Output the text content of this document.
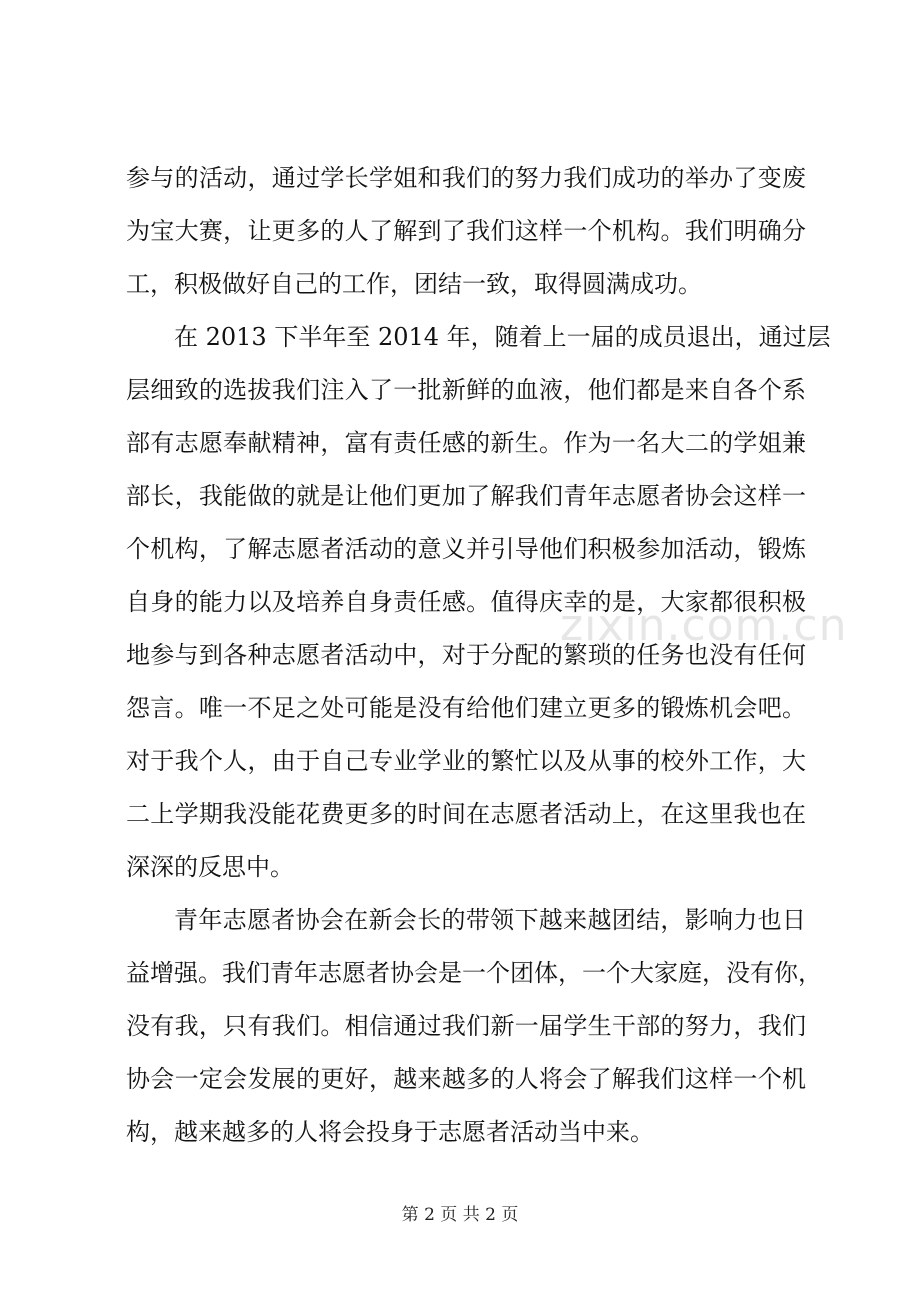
zixin.com.cn
参与的活动，通过学长学姐和我们的努力我们成功的举办了变废
为宝大赛，让更多的人了解到了我们这样一个机构。我们明确分
工，积极做好自己的工作，团结一致，取得圆满成功。
在 2013 下半年至 2014 年，随着上一届的成员退出，通过层
层细致的选拔我们注入了一批新鲜的血液，他们都是来自各个系
部有志愿奉献精神，富有责任感的新生。作为一名大二的学姐兼
部长，我能做的就是让他们更加了解我们青年志愿者协会这样一
个机构，了解志愿者活动的意义并引导他们积极参加活动，锻炼
自身的能力以及培养自身责任感。值得庆幸的是，大家都很积极
地参与到各种志愿者活动中，对于分配的繁琐的任务也没有任何
怨言。唯一不足之处可能是没有给他们建立更多的锻炼机会吧。
对于我个人，由于自己专业学业的繁忙以及从事的校外工作，大
二上学期我没能花费更多的时间在志愿者活动上，在这里我也在
深深的反思中。
青年志愿者协会在新会长的带领下越来越团结，影响力也日
益增强。我们青年志愿者协会是一个团体，一个大家庭，没有你，
没有我，只有我们。相信通过我们新一届学生干部的努力，我们
协会一定会发展的更好，越来越多的人将会了解我们这样一个机
构，越来越多的人将会投身于志愿者活动当中来。
第 2 页 共 2 页
